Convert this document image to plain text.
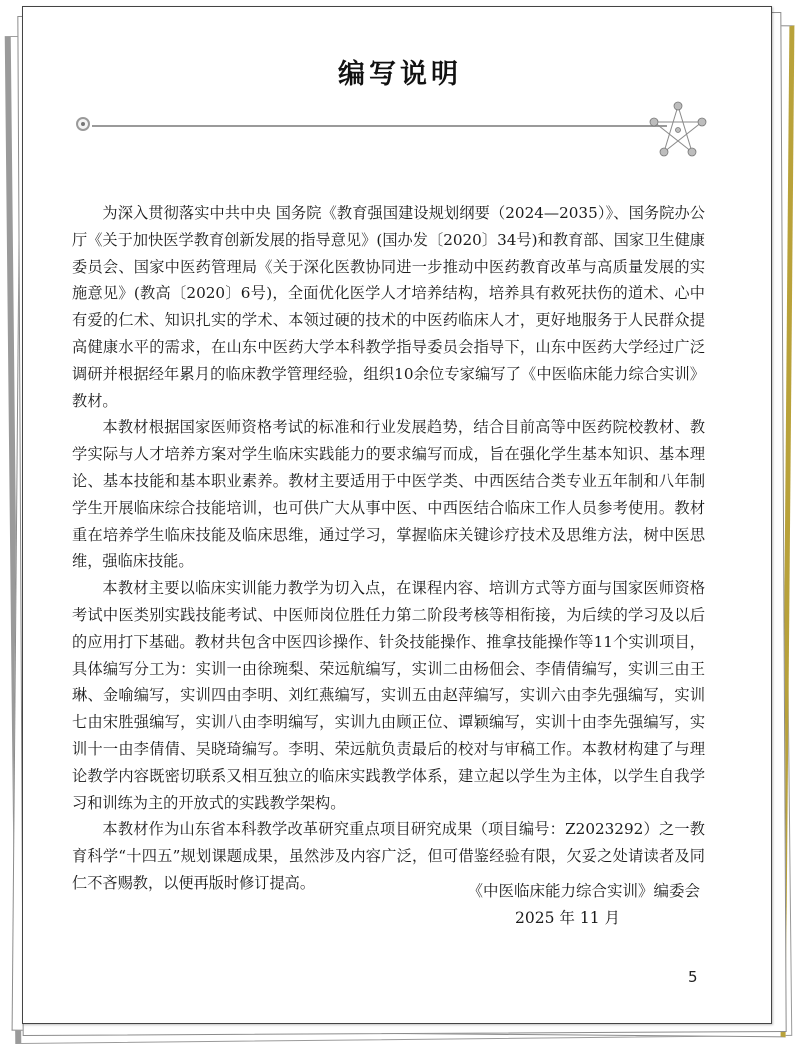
编写说明

为深入贯彻落实中共中央 国务院《教育强国建设规划纲要（2024—2035）》、国务院办公厅《关于加快医学教育创新发展的指导意见》(国办发〔2020〕34号)和教育部、国家卫生健康委员会、国家中医药管理局《关于深化医教协同进一步推动中医药教育改革与高质量发展的实施意见》(教高〔2020〕6号)，全面优化医学人才培养结构，培养具有救死扶伤的道术、心中有爱的仁术、知识扎实的学术、本领过硬的技术的中医药临床人才，更好地服务于人民群众提高健康水平的需求，在山东中医药大学本科教学指导委员会指导下，山东中医药大学经过广泛调研并根据经年累月的临床教学管理经验，组织10余位专家编写了《中医临床能力综合实训》教材。

本教材根据国家医师资格考试的标准和行业发展趋势，结合目前高等中医药院校教材、教学实际与人才培养方案对学生临床实践能力的要求编写而成，旨在强化学生基本知识、基本理论、基本技能和基本职业素养。教材主要适用于中医学类、中西医结合类专业五年制和八年制学生开展临床综合技能培训，也可供广大从事中医、中西医结合临床工作人员参考使用。教材重在培养学生临床技能及临床思维，通过学习，掌握临床关键诊疗技术及思维方法，树中医思维，强临床技能。

本教材主要以临床实训能力教学为切入点，在课程内容、培训方式等方面与国家医师资格考试中医类别实践技能考试、中医师岗位胜任力第二阶段考核等相衔接，为后续的学习及以后的应用打下基础。教材共包含中医四诊操作、针灸技能操作、推拿技能操作等11个实训项目，具体编写分工为：实训一由徐琬梨、荣远航编写，实训二由杨佃会、李倩倩编写，实训三由王琳、金喻编写，实训四由李明、刘红燕编写，实训五由赵萍编写，实训六由李先强编写，实训七由宋胜强编写，实训八由李明编写，实训九由顾正位、谭颖编写，实训十由李先强编写，实训十一由李倩倩、吴晓琦编写。李明、荣远航负责最后的校对与审稿工作。本教材构建了与理论教学内容既密切联系又相互独立的临床实践教学体系，建立起以学生为主体，以学生自我学习和训练为主的开放式的实践教学架构。

本教材作为山东省本科教学改革研究重点项目研究成果（项目编号：Z2023292）之一教育科学“十四五”规划课题成果，虽然涉及内容广泛，但可借鉴经验有限，欠妥之处请读者及同仁不吝赐教，以便再版时修订提高。	《中医临床能力综合实训》编委会
2025 年 11 月
5
